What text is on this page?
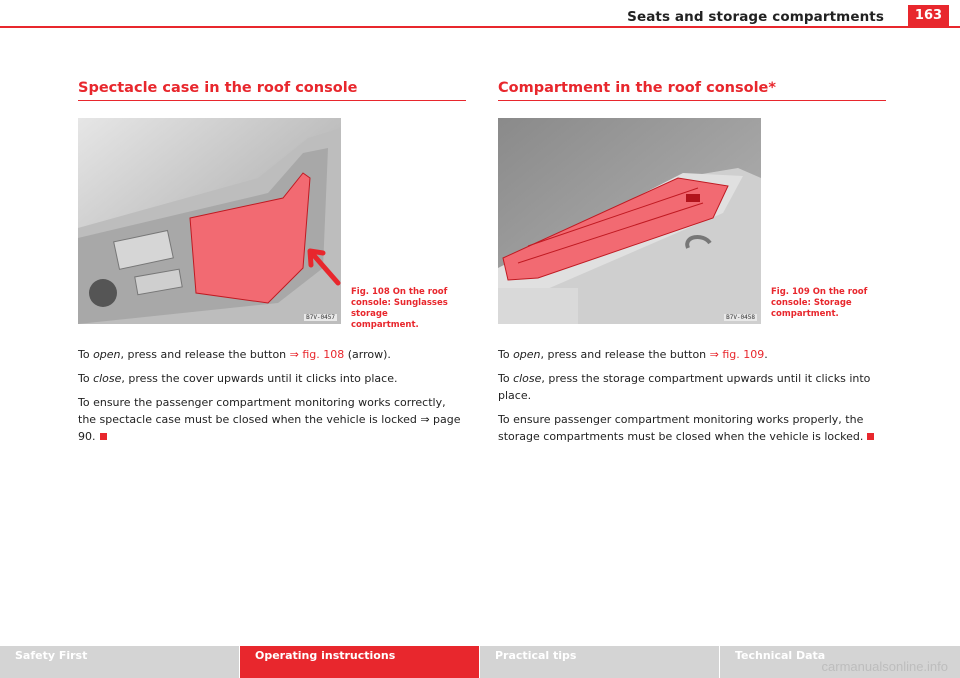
Seats and storage compartments	163
Spectacle case in the roof console
B7V-0457
Fig. 108 On the roof console: Sunglasses storage compartment.

To open, press and release the button ⇒ fig. 108 (arrow).

To close, press the cover upwards until it clicks into place.

To ensure the passenger compartment monitoring works correctly, the spectacle case must be closed when the vehicle is locked ⇒ page 90.

Compartment in the roof console*
B7V-0458
Fig. 109 On the roof console: Storage compartment.

To open, press and release the button ⇒ fig. 109.

To close, press the storage compartment upwards until it clicks into place.

To ensure passenger compartment monitoring works properly, the storage compartments must be closed when the vehicle is locked.

Safety First	Operating instructions	Practical tips	Technical Data
carmanualsonline.info
